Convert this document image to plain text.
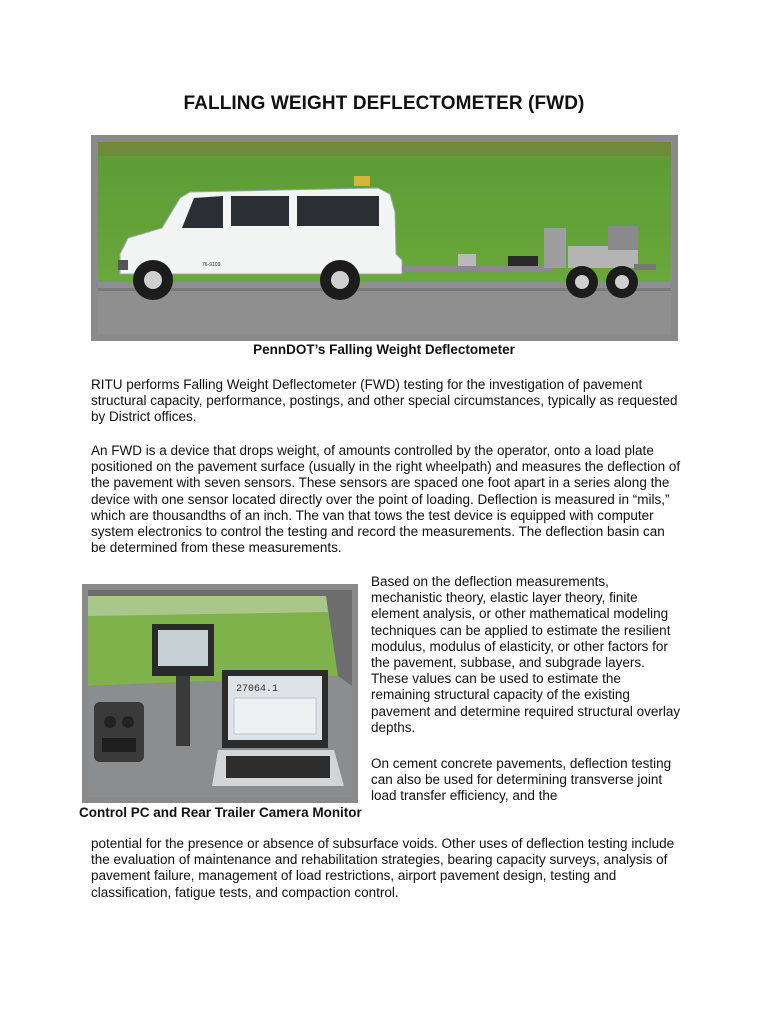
FALLING WEIGHT DEFLECTOMETER (FWD)
76-9109
PennDOT’s Falling Weight Deflectometer
RITU performs Falling Weight Deflectometer (FWD) testing for the investigation of pavement structural capacity, performance, postings, and other special circumstances, typically as requested by District offices.
An FWD is a device that drops weight, of amounts controlled by the operator, onto a load plate positioned on the pavement surface (usually in the right wheelpath) and measures the deflection of the pavement with seven sensors. These sensors are spaced one foot apart in a series along the device with one sensor located directly over the point of loading. Deflection is measured in “mils,” which are thousandths of an inch. The van that tows the test device is equipped with computer system electronics to control the testing and record the measurements. The deflection basin can be determined from these measurements.
27064.1
Control PC and Rear Trailer Camera Monitor
Based on the deflection measurements, mechanistic theory, elastic layer theory, finite element analysis, or other mathematical modeling techniques can be applied to estimate the resilient modulus, modulus of elasticity, or other factors for the pavement, subbase, and subgrade layers. These values can be used to estimate the remaining structural capacity of the existing pavement and determine required structural overlay depths.
On cement concrete pavements, deflection testing can also be used for determining transverse joint load transfer efficiency, and the
potential for the presence or absence of subsurface voids. Other uses of deflection testing include the evaluation of maintenance and rehabilitation strategies, bearing capacity surveys, analysis of pavement failure, management of load restrictions, airport pavement design, testing and classification, fatigue tests, and compaction control.
